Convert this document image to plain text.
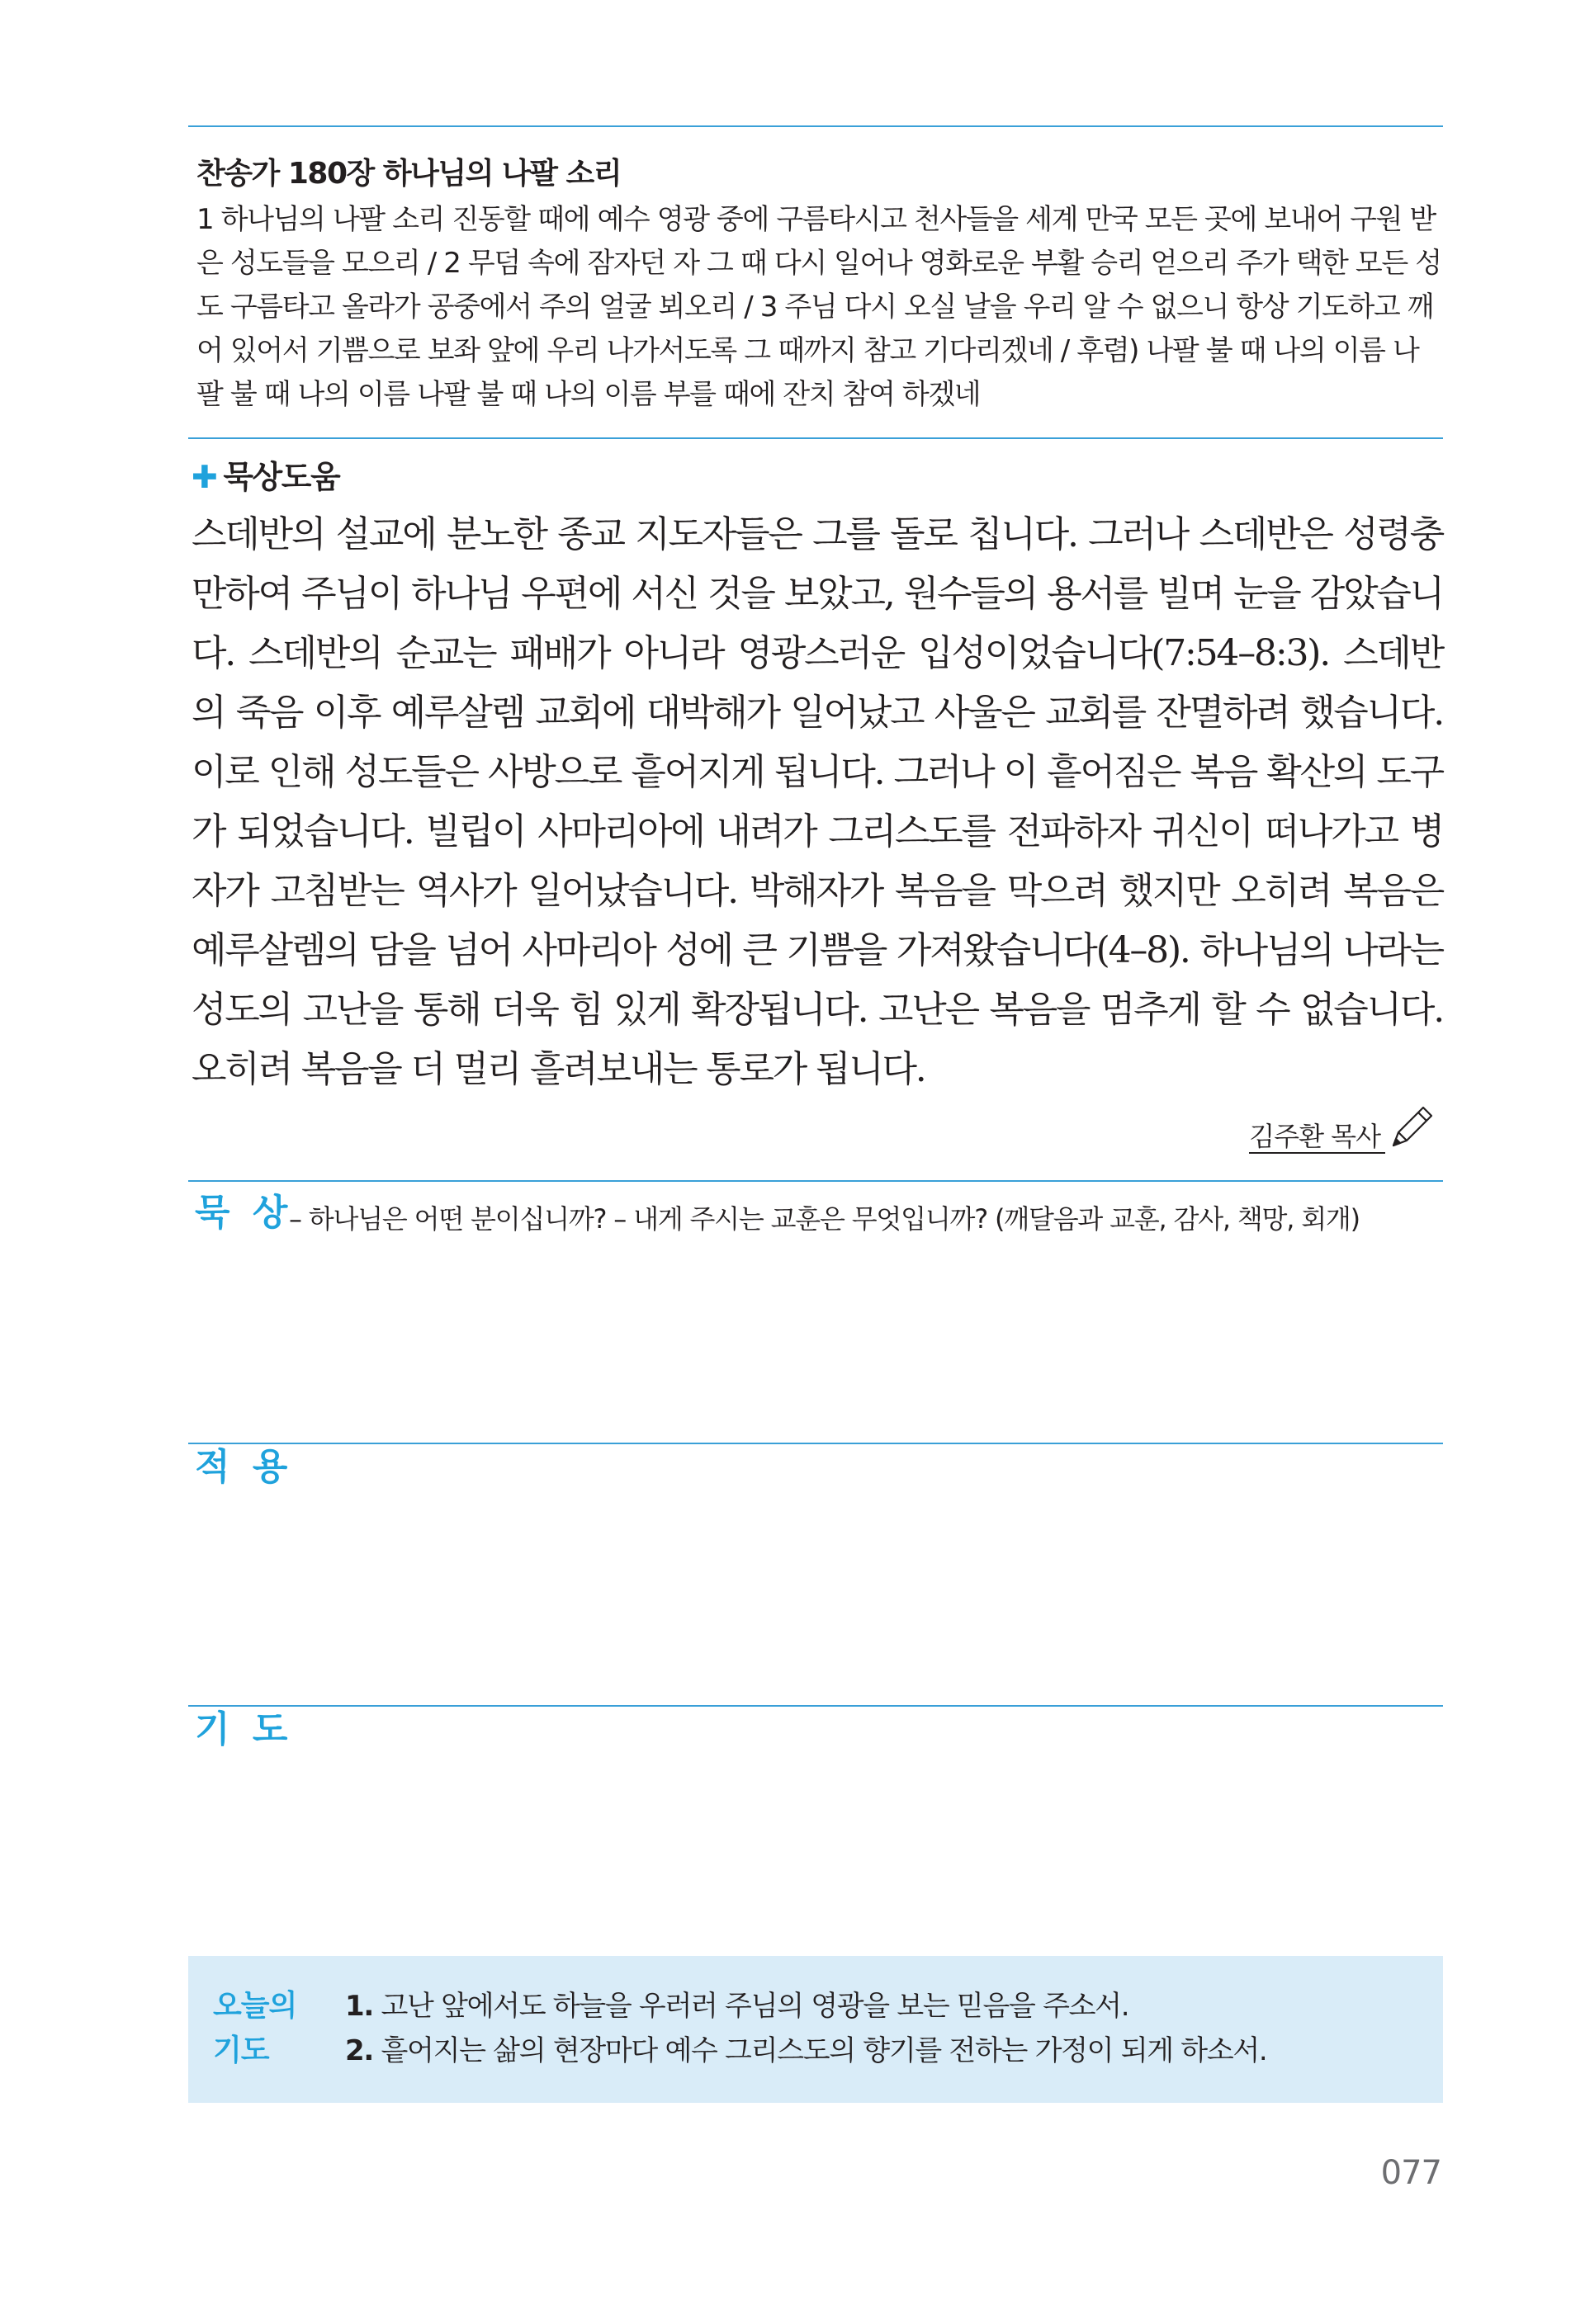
찬송가 180장 하나님의 나팔 소리
1 하나님의 나팔 소리 진동할 때에 예수 영광 중에 구름타시고 천사들을 세계 만국 모든 곳에 보내어 구원 받은 성도들을 모으리 / 2 무덤 속에 잠자던 자 그 때 다시 일어나 영화로운 부활 승리 얻으리 주가 택한 모든 성도 구름타고 올라가 공중에서 주의 얼굴 뵈오리 / 3 주님 다시 오실 날을 우리 알 수 없으니 항상 기도하고 깨어 있어서 기쁨으로 보좌 앞에 우리 나가서도록 그 때까지 참고 기다리겠네 / 후렴) 나팔 불 때 나의 이름 나팔 불 때 나의 이름 나팔 불 때 나의 이름 부를 때에 잔치 참여 하겠네
✚ 묵상도움
스데반의 설교에 분노한 종교 지도자들은 그를 돌로 칩니다. 그러나 스데반은 성령충만하여 주님이 하나님 우편에 서신 것을 보았고, 원수들의 용서를 빌며 눈을 감았습니다. 스데반의 순교는 패배가 아니라 영광스러운 입성이었습니다(7:54–8:3). 스데반의 죽음 이후 예루살렘 교회에 대박해가 일어났고 사울은 교회를 잔멸하려 했습니다. 이로 인해 성도들은 사방으로 흩어지게 됩니다. 그러나 이 흩어짐은 복음 확산의 도구가 되었습니다. 빌립이 사마리아에 내려가 그리스도를 전파하자 귀신이 떠나가고 병자가 고침받는 역사가 일어났습니다. 박해자가 복음을 막으려 했지만 오히려 복음은 예루살렘의 담을 넘어 사마리아 성에 큰 기쁨을 가져왔습니다(4–8). 하나님의 나라는 성도의 고난을 통해 더욱 힘 있게 확장됩니다. 고난은 복음을 멈추게 할 수 없습니다. 오히려 복음을 더 멀리 흘려보내는 통로가 됩니다.
김주환 목사
묵 상
– 하나님은 어떤 분이십니까? – 내게 주시는 교훈은 무엇입니까? (깨달음과 교훈, 감사, 책망, 회개)
적 용
기 도
오늘의
기도
1. 고난 앞에서도 하늘을 우러러 주님의 영광을 보는 믿음을 주소서.
2. 흩어지는 삶의 현장마다 예수 그리스도의 향기를 전하는 가정이 되게 하소서.
077
